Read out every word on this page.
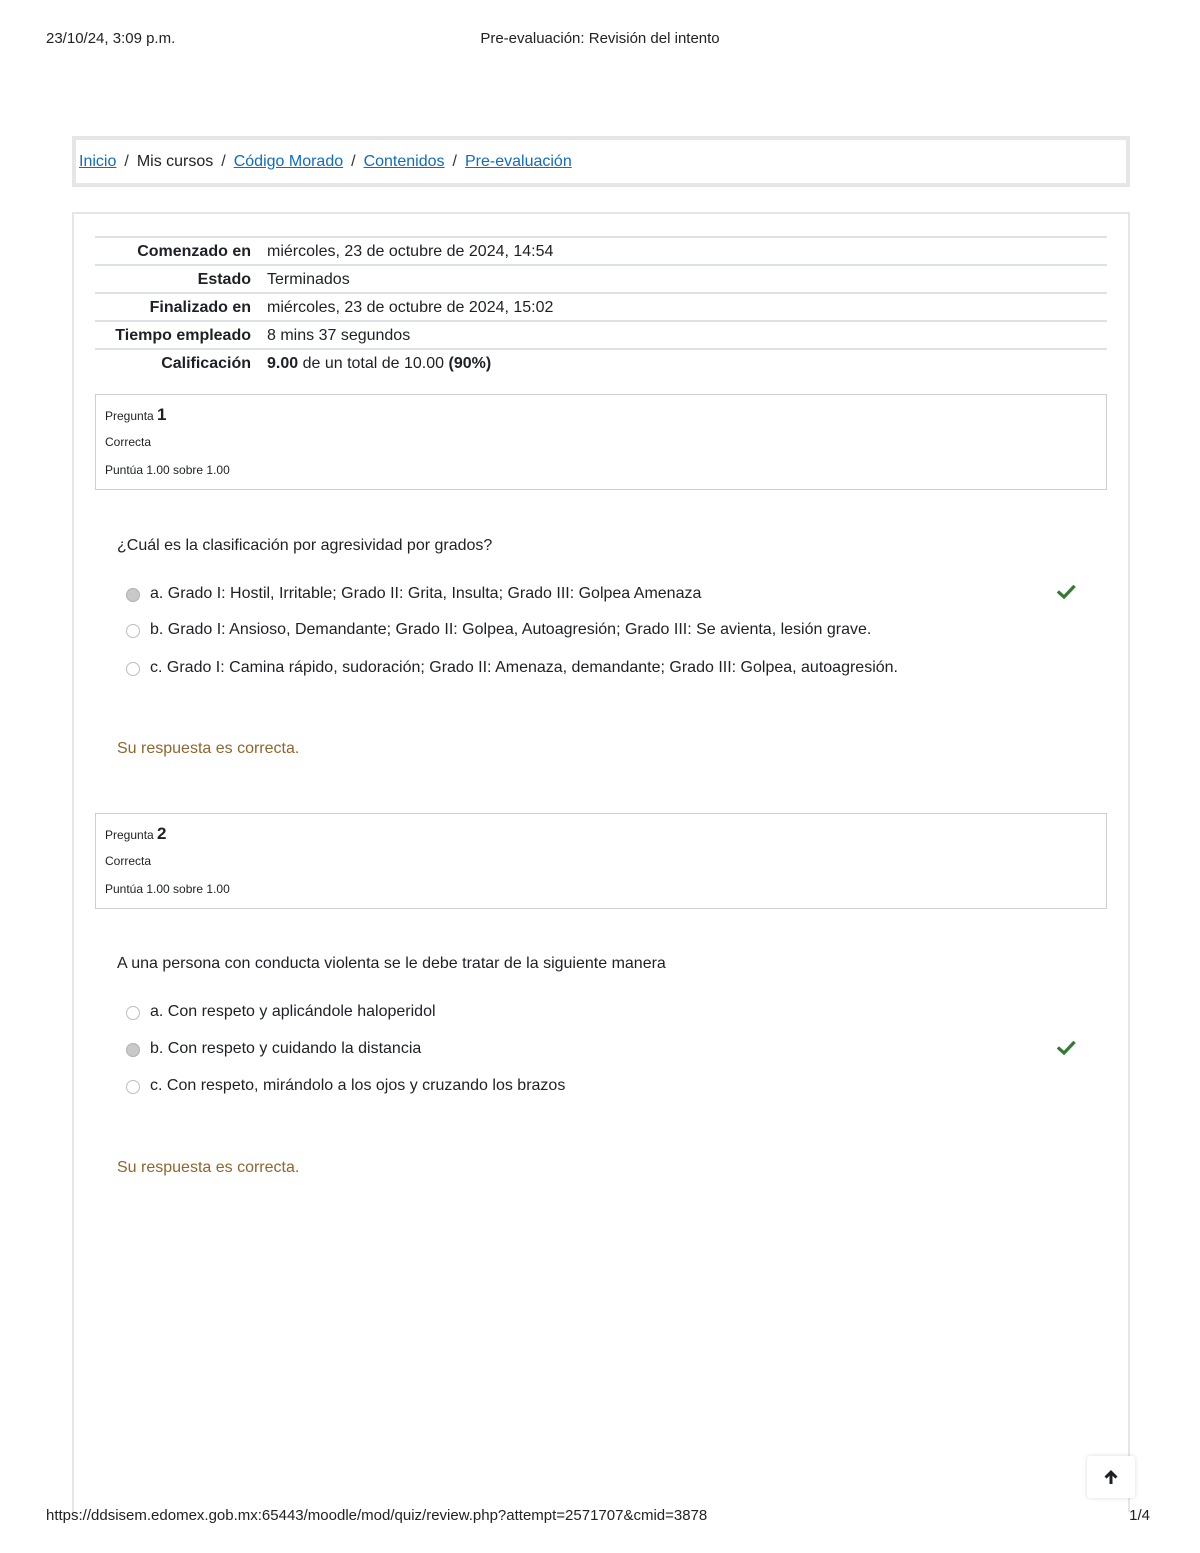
23/10/24, 3:09 p.m.	Pre-evaluación: Revisión del intento
Inicio / Mis cursos / Código Morado / Contenidos / Pre-evaluación
Comenzado en miércoles, 23 de octubre de 2024, 14:54
Estado Terminados
Finalizado en miércoles, 23 de octubre de 2024, 15:02
Tiempo empleado 8 mins 37 segundos
Calificación 9.00 de un total de 10.00 (90%)
Pregunta 1
Correcta
Puntúa 1.00 sobre 1.00
¿Cuál es la clasificación por agresividad por grados?
a. Grado I: Hostil, Irritable; Grado II: Grita, Insulta; Grado III: Golpea Amenaza
b. Grado I: Ansioso, Demandante; Grado II: Golpea, Autoagresión; Grado III: Se avienta, lesión grave.
c. Grado I: Camina rápido, sudoración; Grado II: Amenaza, demandante; Grado III: Golpea, autoagresión.
Su respuesta es correcta.
Pregunta 2
Correcta
Puntúa 1.00 sobre 1.00
A una persona con conducta violenta se le debe tratar de la siguiente manera
a. Con respeto y aplicándole haloperidol
b. Con respeto y cuidando la distancia
c. Con respeto, mirándolo a los ojos y cruzando los brazos
Su respuesta es correcta.
https://ddsisem.edomex.gob.mx:65443/moodle/mod/quiz/review.php?attempt=2571707&cmid=3878	1/4
